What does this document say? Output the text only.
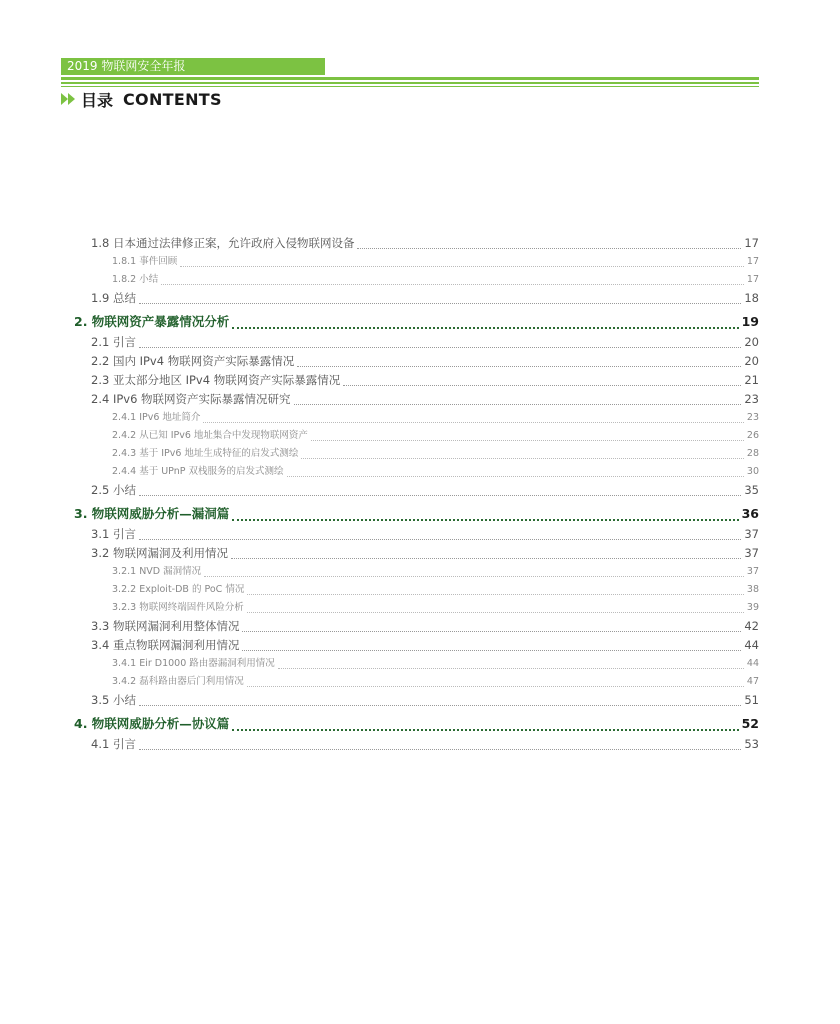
2019 物联网安全年报
目录 CONTENTS
1.8 日本通过法律修正案，允许政府入侵物联网设备	17
1.8.1 事件回顾	17
1.8.2 小结	17
1.9 总结	18
2. 物联网资产暴露情况分析	19
2.1 引言	20
2.2 国内 IPv4 物联网资产实际暴露情况	20
2.3 亚太部分地区 IPv4 物联网资产实际暴露情况	21
2.4 IPv6 物联网资产实际暴露情况研究	23
2.4.1 IPv6 地址简介	23
2.4.2 从已知 IPv6 地址集合中发现物联网资产	26
2.4.3 基于 IPv6 地址生成特征的启发式测绘	28
2.4.4 基于 UPnP 双栈服务的启发式测绘	30
2.5 小结	35
3. 物联网威胁分析—漏洞篇	36
3.1 引言	37
3.2 物联网漏洞及利用情况	37
3.2.1 NVD 漏洞情况	37
3.2.2 Exploit-DB 的 PoC 情况	38
3.2.3 物联网终端固件风险分析	39
3.3 物联网漏洞利用整体情况	42
3.4 重点物联网漏洞利用情况	44
3.4.1 Eir D1000 路由器漏洞利用情况	44
3.4.2 磊科路由器后门利用情况	47
3.5 小结	51
4. 物联网威胁分析—协议篇	52
4.1 引言	53
